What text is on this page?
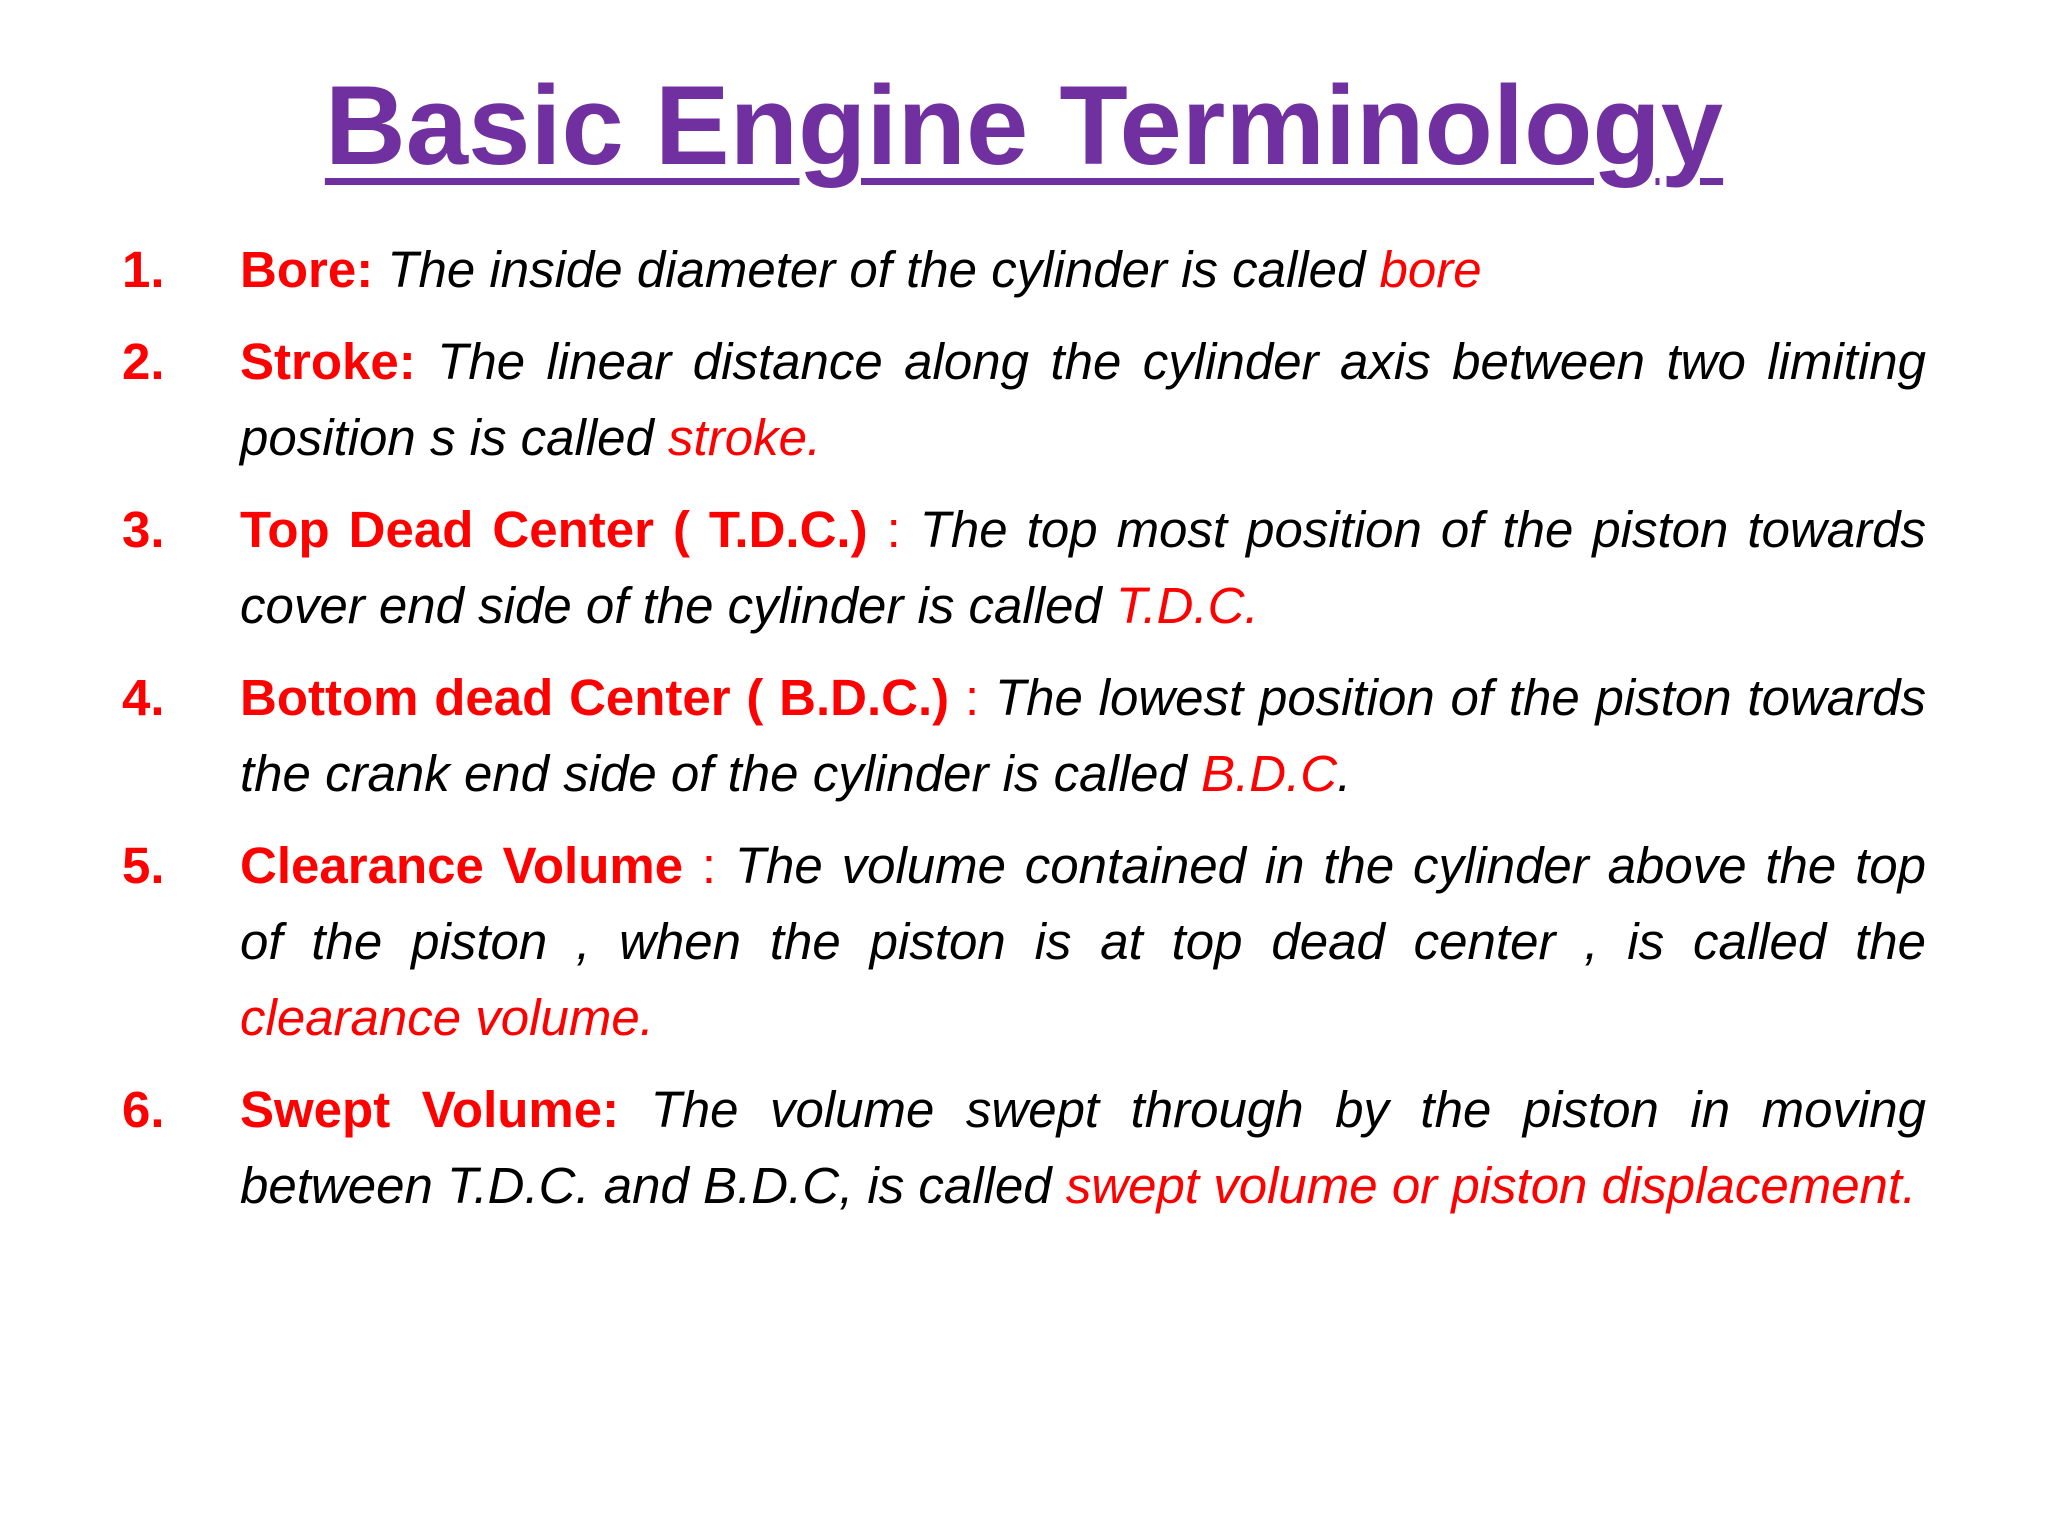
Basic Engine Terminology
1. Bore: The inside diameter of the cylinder is called bore
2. Stroke: The linear distance along the cylinder axis between two limiting position s is called stroke.
3. Top Dead Center ( T.D.C.) : The top most position of the piston towards cover end side of the cylinder is called T.D.C.
4. Bottom dead Center ( B.D.C.) : The lowest position of the piston towards the crank end side of the cylinder is called B.D.C.
5. Clearance Volume : The volume contained in the cylinder above the top of the piston , when the piston is at top dead center , is called the clearance volume.
6. Swept Volume: The volume swept through by the piston in moving between T.D.C. and B.D.C, is called swept volume or piston displacement.
